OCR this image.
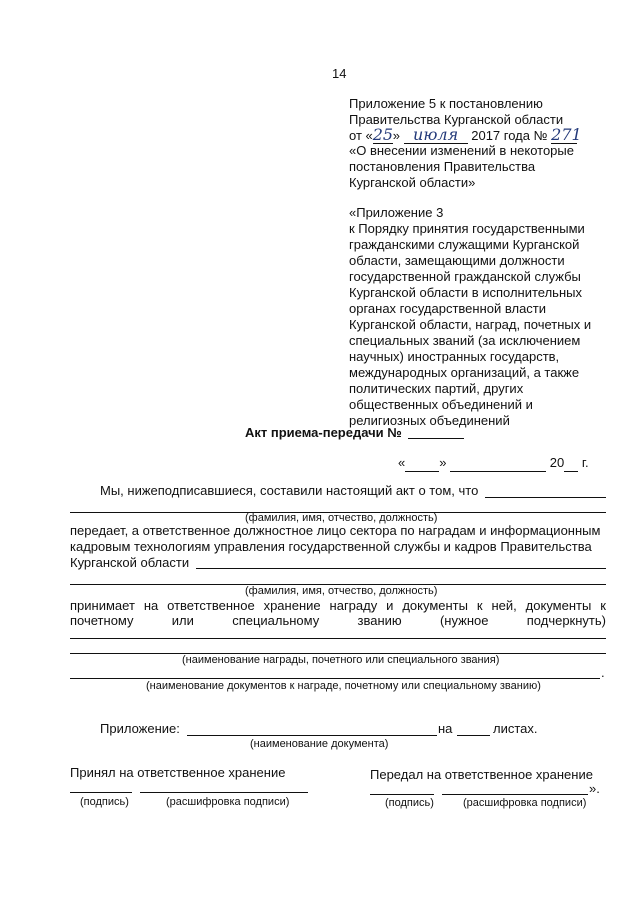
14
Приложение 5 к постановлению
Правительства Курганской области
от «25» июля 2017 года № 271
«О внесении изменений в некоторые
постановления Правительства
Курганской области»
«Приложение 3
к Порядку принятия государственными
гражданскими служащими Курганской
области, замещающими должности
государственной гражданской службы
Курганской области в исполнительных
органах государственной власти
Курганской области, наград, почетных и
специальных званий (за исключением
научных) иностранных государств,
международных организаций, а также
политических партий, других
общественных объединений и
религиозных объединений
Акт приема-передачи №
«	»	20 г.
Мы, нижеподписавшиеся, составили настоящий акт о том, что
(фамилия, имя, отчество, должность)
передает, а ответственное должностное лицо сектора по наградам и информационным
кадровым технологиям управления государственной службы и кадров Правительства
Курганской области
(фамилия, имя, отчество, должность)
принимает на ответственное хранение награду и документы к ней, документы к
почетному	или	специальному	званию	(нужное	подчеркнуть)
(наименование награды, почетного или специального звания)
.
(наименование документов к награде, почетному или специальному званию)
Приложение:	на	листах.
(наименование документа)
Принял на ответственное хранение	Передал на ответственное хранение
».
(подпись)	(расшифровка подписи)	(подпись)	(расшифровка подписи)
